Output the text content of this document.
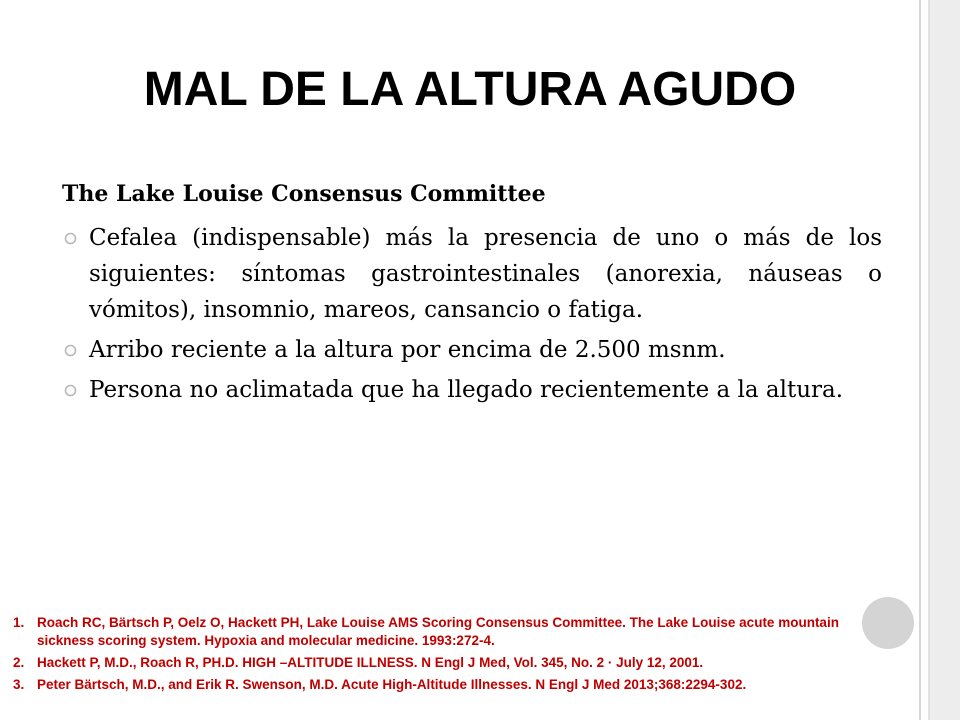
MAL DE LA ALTURA AGUDO

The Lake Louise Consensus Committee

Cefalea (indispensable) más la presencia de uno o más de los siguientes: síntomas gastrointestinales (anorexia, náuseas o vómitos), insomnio, mareos, cansancio o fatiga.
Arribo reciente a la altura por encima de 2.500 msnm.
Persona no aclimatada que ha llegado recientemente a la altura.
1. Roach RC, Bärtsch P, Oelz O, Hackett PH, Lake Louise AMS Scoring Consensus Committee. The Lake Louise acute mountain sickness scoring system. Hypoxia and molecular medicine. 1993:272-4.
2. Hackett P, M.D., Roach R, PH.D. HIGH –ALTITUDE ILLNESS. N Engl J Med, Vol. 345, No. 2 · July 12, 2001.
3. Peter Bärtsch, M.D., and Erik R. Swenson, M.D. Acute High-Altitude Illnesses. N Engl J Med 2013;368:2294-302.
